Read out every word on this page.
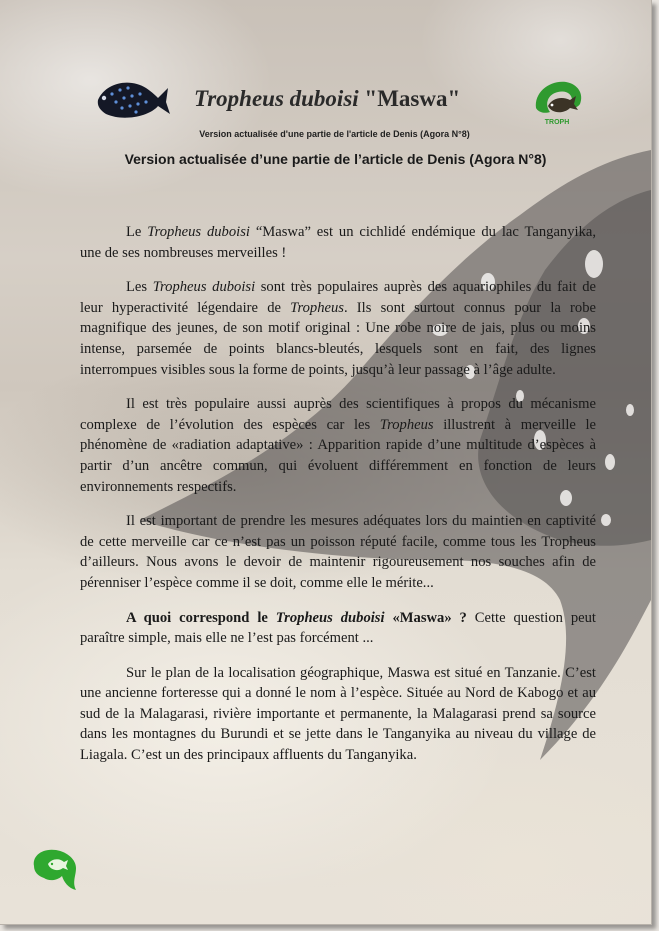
Tropheus duboisi "Maswa"
TROPH
Version actualisée d'une partie de l'article de Denis (Agora N°8)
Version actualisée d’une partie de l’article de Denis (Agora N°8)

Le Tropheus duboisi “Maswa” est un cichlidé endémique du lac Tanganyika, une de ses nombreuses merveilles !

Les Tropheus duboisi sont très populaires auprès des aquariophiles du fait de leur hyperactivité légendaire de Tropheus. Ils sont surtout connus pour la robe magnifique des jeunes, de son motif original : Une robe noire de jais, plus ou moins intense, parsemée de points blancs-bleutés, lesquels sont en fait, des lignes interrompues visibles sous la forme de points, jusqu’à leur passage à l’âge adulte.

Il est très populaire aussi auprès des scientifiques à propos du mécanisme complexe de l’évolution des espèces car les Tropheus illustrent à merveille le phénomène de «radiation adaptative» : Apparition rapide d’une multitude d’espèces à partir d’un ancêtre commun, qui évoluent différemment en fonction de leurs environnements respectifs.

Il est important de prendre les mesures adéquates lors du maintien en captivité de cette merveille car ce n’est pas un poisson réputé facile, comme tous les Tropheus d’ailleurs. Nous avons le devoir de maintenir rigoureusement nos souches afin de pérenniser l’espèce comme il se doit, comme elle le mérite...

A quoi correspond le Tropheus duboisi «Maswa» ? Cette question peut paraître simple, mais elle ne l’est pas forcément ...

Sur le plan de la localisation géographique, Maswa est situé en Tanzanie. C’est une ancienne forteresse qui a donné le nom à l’espèce. Située au Nord de Kabogo et au sud de la Malagarasi, rivière importante et permanente, la Malagarasi prend sa source dans les montagnes du Burundi et se jette dans le Tanganyika au niveau du village de Liagala. C’est un des principaux affluents du Tanganyika.
